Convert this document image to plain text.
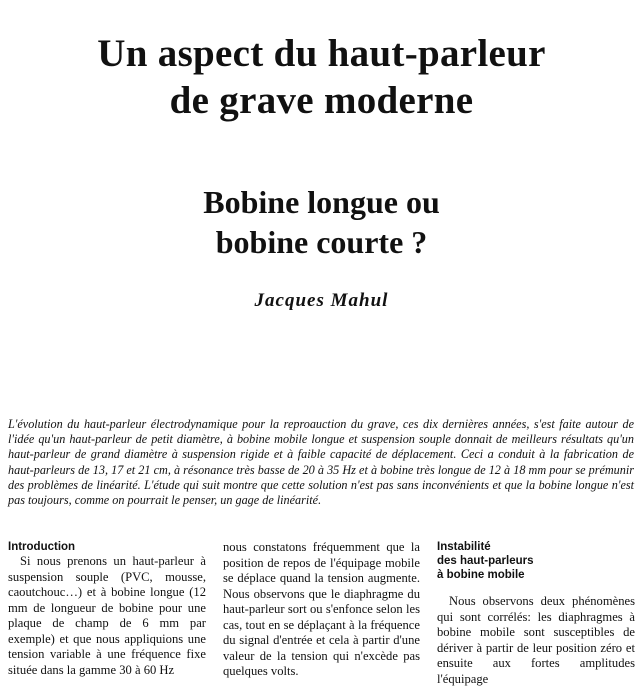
Un aspect du haut-parleur
de grave moderne
Bobine longue ou
bobine courte ?
Jacques Mahul

L'évolution du haut-parleur électrodynamique pour la reproauction du grave, ces dix dernières années, s'est faite autour de l'idée qu'un haut-parleur de petit diamètre, à bobine mobile longue et suspension souple donnait de meilleurs résultats qu'un haut-parleur de grand diamètre à suspension rigide et à faible capacité de déplacement. Ceci a conduit à la fabrication de haut-parleurs de 13, 17 et 21 cm, à résonance très basse de 20 à 35 Hz et à bobine très longue de 12 à 18 mm pour se prémunir des problèmes de linéarité. L'étude qui suit montre que cette solution n'est pas sans inconvénients et que la bobine longue n'est pas toujours, comme on pourrait le penser, un gage de linéarité.

Introduction

Si nous prenons un haut-parleur à suspension souple (PVC, mousse, caoutchouc…) et à bobine longue (12 mm de longueur de bobine pour une plaque de champ de 6 mm par exemple) et que nous appliquions une tension variable à une fréquence fixe située dans la gamme 30 à 60 Hz

nous constatons fréquemment que la position de repos de l'équipage mobile se déplace quand la tension augmente. Nous observons que le diaphragme du haut-parleur sort ou s'enfonce selon les cas, tout en se déplaçant à la fréquence du signal d'entrée et cela à partir d'une valeur de la tension qui n'excède pas quelques volts.

Instabilité
des haut-parleurs
à bobine mobile

Nous observons deux phénomènes qui sont corrélés: les diaphragmes à bobine mobile sont susceptibles de dériver à partir de leur position zéro et ensuite aux fortes amplitudes l'équipage
